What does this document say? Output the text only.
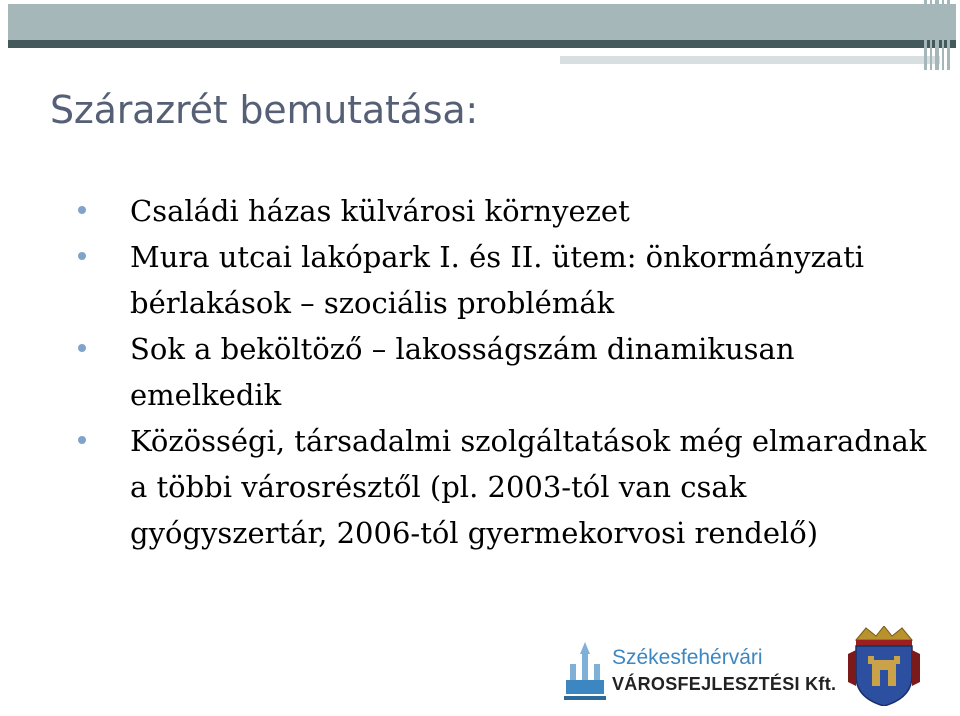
Szárazrét bemutatása:
Családi házas külvárosi környezet
Mura utcai lakópark I. és II. ütem: önkormányzati bérlakások – szociális problémák
Sok a beköltöző – lakosságszám dinamikusan emelkedik
Közösségi, társadalmi szolgáltatások még elmaradnak a többi városrésztől (pl. 2003-tól van csak gyógyszertár, 2006-tól gyermekorvosi rendelő)
Székesfehérvári
VÁROSFEJLESZTÉSI Kft.
